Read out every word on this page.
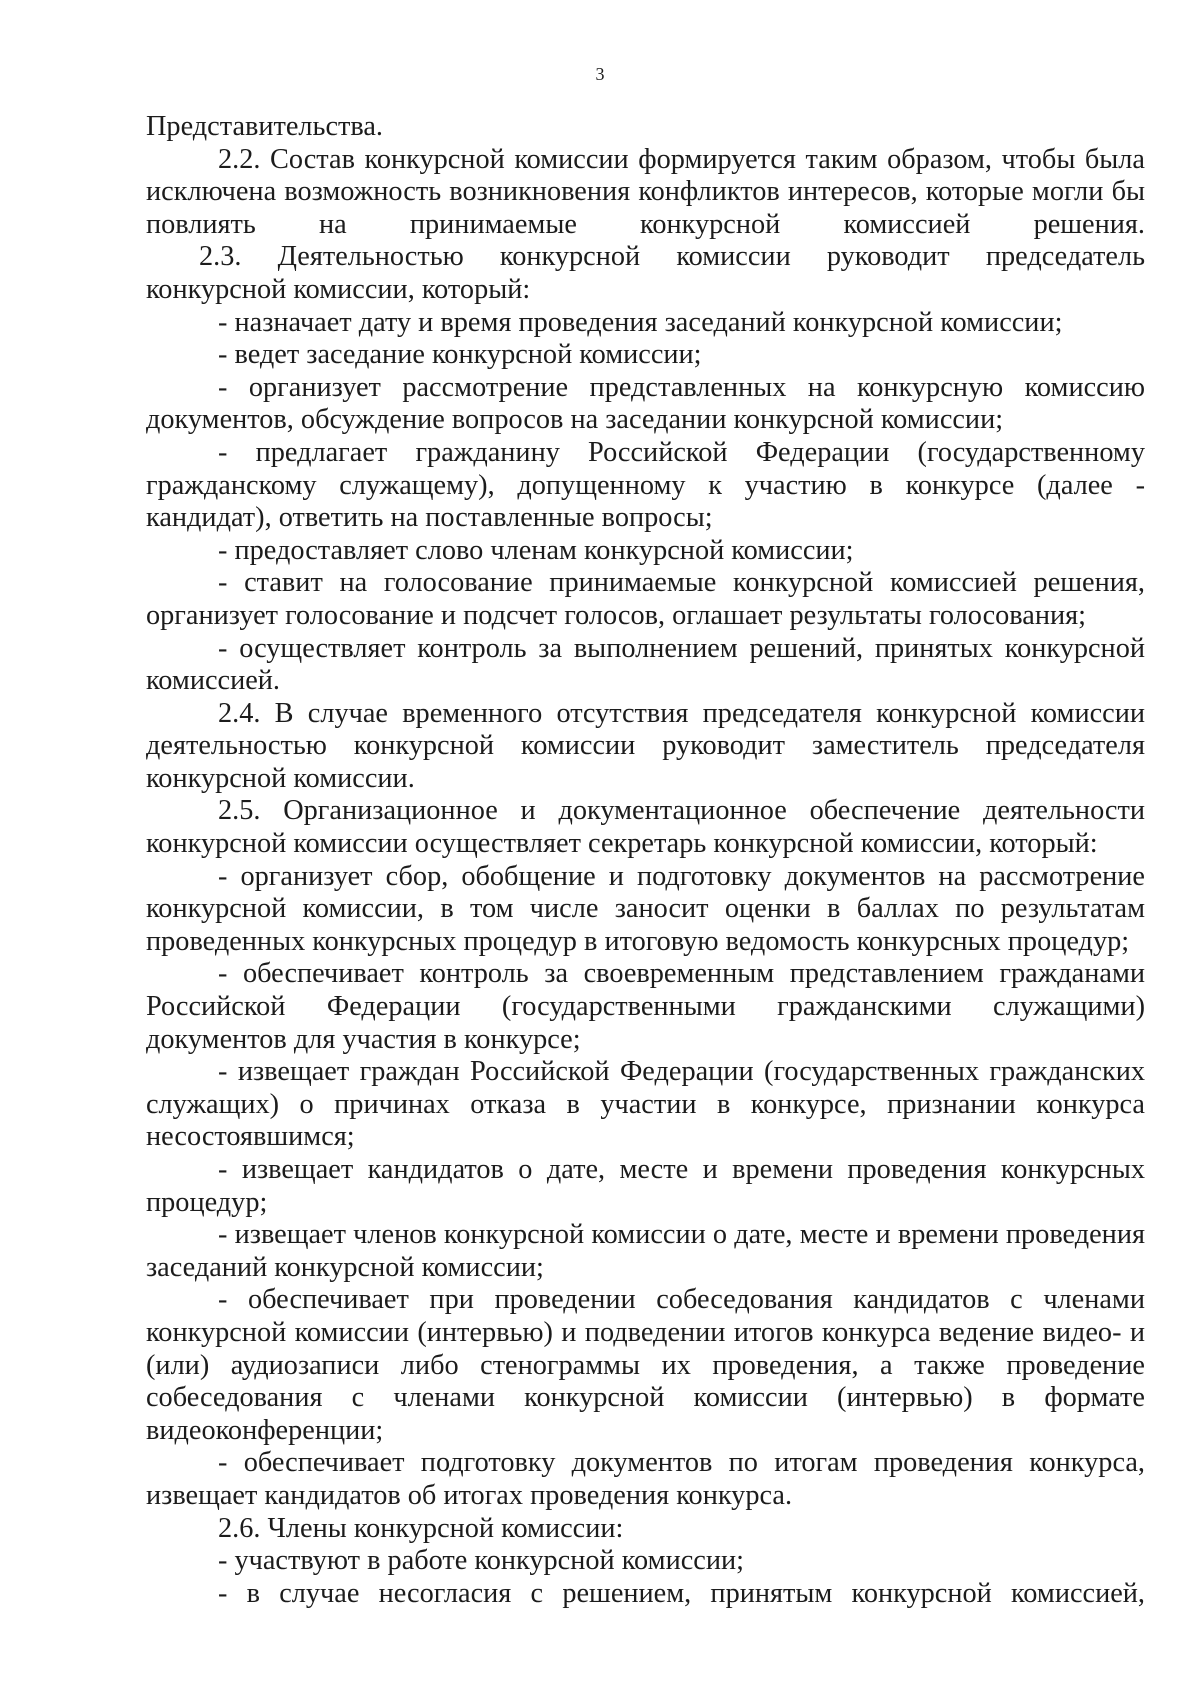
3

Представительства.

2.2. Состав конкурсной комиссии формируется таким образом, чтобы была исключена возможность возникновения конфликтов интересов, которые могли бы повлиять на принимаемые конкурсной комиссией решения.

2.3. Деятельностью конкурсной комиссии руководит председатель конкурсной комиссии, который:

- назначает дату и время проведения заседаний конкурсной комиссии;

- ведет заседание конкурсной комиссии;

- организует рассмотрение представленных на конкурсную комиссию документов, обсуждение вопросов на заседании конкурсной комиссии;

- предлагает гражданину Российской Федерации (государственному гражданскому служащему), допущенному к участию в конкурсе (далее - кандидат), ответить на поставленные вопросы;

- предоставляет слово членам конкурсной комиссии;

- ставит на голосование принимаемые конкурсной комиссией решения, организует голосование и подсчет голосов, оглашает результаты голосования;

- осуществляет контроль за выполнением решений, принятых конкурсной комиссией.

2.4. В случае временного отсутствия председателя конкурсной комиссии деятельностью конкурсной комиссии руководит заместитель председателя конкурсной комиссии.

2.5. Организационное и документационное обеспечение деятельности конкурсной комиссии осуществляет секретарь конкурсной комиссии, который:

- организует сбор, обобщение и подготовку документов на рассмотрение конкурсной комиссии, в том числе заносит оценки в баллах по результатам проведенных конкурсных процедур в итоговую ведомость конкурсных процедур;

- обеспечивает контроль за своевременным представлением гражданами Российской Федерации (государственными гражданскими служащими) документов для участия в конкурсе;

- извещает граждан Российской Федерации (государственных гражданских служащих) о причинах отказа в участии в конкурсе, признании конкурса несостоявшимся;

- извещает кандидатов о дате, месте и времени проведения конкурсных процедур;

- извещает членов конкурсной комиссии о дате, месте и времени проведения заседаний конкурсной комиссии;

- обеспечивает при проведении собеседования кандидатов с членами конкурсной комиссии (интервью) и подведении итогов конкурса ведение видео- и (или) аудиозаписи либо стенограммы их проведения, а также проведение собеседования с членами конкурсной комиссии (интервью) в формате видеоконференции;

- обеспечивает подготовку документов по итогам проведения конкурса, извещает кандидатов об итогах проведения конкурса.

2.6. Члены конкурсной комиссии:

- участвуют в работе конкурсной комиссии;

- в случае несогласия с решением, принятым конкурсной комиссией,
